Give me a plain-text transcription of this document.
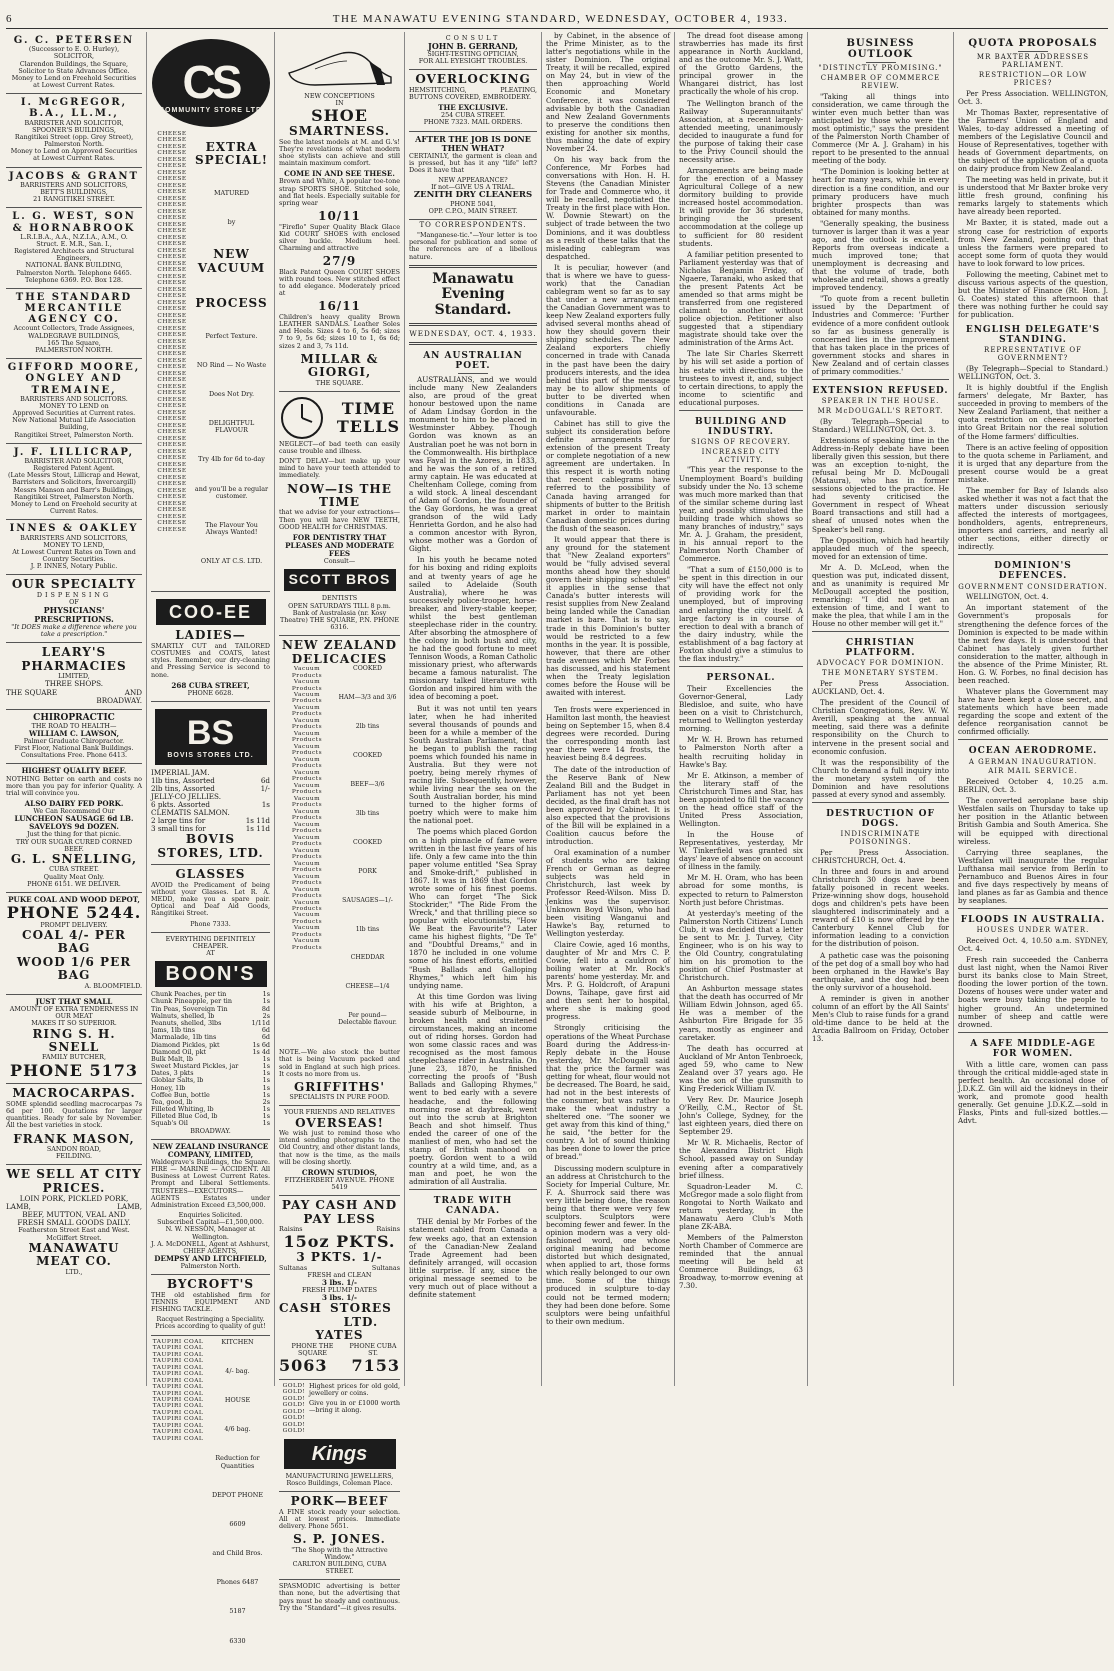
6	THE MANAWATU EVENING STANDARD, WEDNESDAY, OCTOBER 4, 1933.
G. C. PETERSEN
(Successor to E. O. Hurley),
SOLICITOR,
Clarendon Buildings, the Square,
Solicitor to State Advances Office.
Money to Lend on Freehold Securities
at Lowest Current Rates.
I. McGREGOR, B.A., LL.M.,
BARRISTER AND SOLICITOR,
SPOONER'S BUILDINGS,
Rangitikei Street (opp. Grey Street),
Palmerston North.
Money to Lend on Approved Securities
at Lowest Current Rates.
JACOBS & GRANT
BARRISTERS AND SOLICITORS,
BETT'S BUILDINGS,
21 RANGITIKEI STREET.
L. G. WEST, SON & HORNABROOK
L.R.I.B.A., A.A., N.Z.I.A., A.M., O.
Struct. E. M.R., San. I.,
Registered Architects and Structural
Engineers,
NATIONAL BANK BUILDING,
Palmerston North. Telephone 6465.
Telephone 6369. P.O. Box 128.
THE STANDARD MERCANTILE AGENCY CO.
Account Collectors, Trade Assignees,
WALDEGRAVE BUILDINGS,
165 The Square,
PALMERSTON NORTH.
GIFFORD MOORE, ONGLEY AND TREMAINE,
BARRISTERS AND SOLICITORS.
MONEY TO LEND on
Approved Securities at Current rates.
New National Mutual Life Association
Building,
Rangitikei Street, Palmerston North.
J. F. LILLICRAP,
BARRISTER AND SOLICITOR,
Registered Patent Agent.
(Late Messrs Stout, Lillicrap and Hewat,
Barristers and Solicitors, Invercargill)
Messrs Manson and Barr's Buildings,
Rangitikei Street, Palmerston North.
Money to Lend on Freehold security at
Current Rates.
INNES & OAKLEY
BARRISTERS AND SOLICITORS,
MONEY TO LEND,
At Lowest Current Rates on Town and
Country Securities.
J. P. INNES, Notary Public.
OUR SPECIALTY
DISPENSING
OF
PHYSICIANS' PRESCRIPTIONS.
"It DOES make a difference where you take a prescription."
LEARY'S PHARMACIES
LIMITED,
THREE SHOPS.
THE SQUARE	AND
BROADWAY.
CHIROPRACTIC
THE ROAD TO HEALTH—
WILLIAM C. LAWSON,
Palmer Graduate Chiropractor.
First Floor, National Bank Buildings.
Consultations Free. Phone 6413.
HIGHEST QUALITY BEEF.

NOTHING Better on earth and costs no more than you pay for inferior Quality. A trial will convince you.

ALSO DAIRY FED PORK.
We Can Recommend Our
LUNCHEON SAUSAGE 6d LB.
SAVELOYS 9d DOZEN.
Just the thing for that picnic.
TRY OUR SUGAR CURED CORNED BEEF.
G. L. SNELLING,
CUBA STREET.
Quality Meat Only.
PHONE 6151. WE DELIVER.
PUKE COAL AND WOOD DEPOT,
PHONE 5244.
PROMPT DELIVERY.
COAL 4/- PER BAG
WOOD 1/6 PER BAG
A. BLOOMFIELD.
JUST THAT SMALL
AMOUNT OF EXTRA TENDERNESS IN OUR MEAT
MAKES IT SO SUPERIOR.
RING S. H. SNELL
FAMILY BUTCHER,
PHONE 5173
MACROCARPAS.

SOME splendid seedling macrocarpas 7s 6d per 100. Quotations for larger quantities. Ready for sale by November. All the best varieties in stock.

FRANK MASON,
SANDON ROAD,
FEILDING.
WE SELL AT CITY PRICES.
LOIN PORK, PICKLED PORK,
LAMB,	LAMB,
BEEF, MUTTON, VEAL AND
FRESH SMALL GOODS DAILY.
Featherston Street East and West.
McGiffert Street.
MANAWATU MEAT CO.
LTD.,
CS
COMMUNITY STORE LTD
CHEESE
CHEESE
CHEESE
CHEESE
CHEESE
CHEESE
CHEESE
CHEESE
CHEESE
CHEESE
CHEESE
CHEESE
CHEESE
CHEESE
CHEESE
CHEESE
CHEESE
CHEESE
CHEESE
CHEESE
CHEESE
CHEESE
CHEESE
CHEESE
CHEESE
CHEESE
CHEESE
CHEESE
CHEESE
CHEESE
CHEESE
CHEESE
CHEESE
CHEESE
CHEESE
CHEESE
CHEESE
CHEESE
CHEESE
CHEESE
CHEESE
CHEESE
CHEESE
CHEESE
CHEESE
CHEESE
CHEESE
CHEESE
CHEESE
CHEESE
CHEESE
CHEESE
CHEESE
CHEESE
CHEESE
CHEESE
CHEESE
CHEESE
CHEESE
CHEESE
CHEESE
CHEESE
EXTRA SPECIAL!
MATURED
by
NEW VACUUM
PROCESS
Perfect Texture.
NO Rind — No Waste
Does Not Dry.
DELIGHTFUL FLAVOUR
Try 4lb for 6d to-day
and you'll be a regular customer.
The Flavour You Always Wanted!
ONLY AT C.S. LTD.
COO-EE
LADIES—

SMARTLY CUT and TAILORED COSTUMES and COATS, latest styles. Remember, our dry-cleaning and Pressing Service is second to none.

268 CUBA STREET,
PHONE 6628.
BS
BOVIS STORES LTD.
IMPERIAL JAM.
1lb tins, Assorted	6d
2lb tins, Assorted	1/-
JELLY-CO JELLIES.
6 pkts. Assorted	1s
CLEMATIS SALMON.
2 large tins for	1s 11d
3 small tins for	1s 11d
BOVIS STORES, LTD.
GLASSES

AVOID the Predicament of being without your Glasses. Let R. A. MEDD, make you a spare pair. Optical and Deaf Aid Goods, Rangitikei Street.

Phone 7333.
EVERYTHING DEFINITELY CHEAPER.
AT
BOON'S
Chunk Peaches, per tin	1s
Chunk Pineapple, per tin	1s
Tin Peas, Sovereign Tin	8d
Walnuts, shelled, lb	2s
Peanuts, shelled, 3lbs	1/11d
Jams, 1lb tins	6d
Marmalade, 1lb tins	6d
Diamond Pickles, pkt	1s 6d
Diamond Oil, pkt	1s 4d
Bulk Malt, lb	1s
Sweet Mustard Pickles, jar	1s
Dates, 3 pkts	1s
Globlar Salts, lb	1s
Honey, 1lb	1s
Coffee Bun, bottle	1s
Tea, good, lb	2s
Filleted Whiting, lb	1s
Filleted Blue Cod, lb	1s
Squab's Oil	1s
BROADWAY.
NEW ZEALAND INSURANCE COMPANY, LIMITED,

Waldegrave's Buildings, the Square. FIRE — MARINE — ACCIDENT. All Business at Lowest Current Rates. Prompt and Liberal Settlements. TRUSTEES—EXECUTORS—AGENTS Estates under Administration Exceed £3,500,000.

Enquiries Solicited.
Subscribed Capital—£1,500,000.
N. W. NESSON, Manager at Wellington.
J. A. McDONELL, Agent at Ashhurst,
CHIEF AGENTS,
DEMPSY AND LITCHFIELD,
Palmerston North.
BYCROFT'S

THE old established firm for TENNIS EQUIPMENT AND FISHING TACKLE.

Racquet Restringing a Speciality.
Prices according to quality of gut!
TAUPIRI COAL
TAUPIRI COAL
TAUPIRI COAL
TAUPIRI COAL
TAUPIRI COAL
TAUPIRI COAL
TAUPIRI COAL
TAUPIRI COAL
TAUPIRI COAL
TAUPIRI COAL
TAUPIRI COAL
TAUPIRI COAL
TAUPIRI COAL
TAUPIRI COAL
TAUPIRI COAL
TAUPIRI COAL
KITCHEN
4/- bag.
HOUSE
4/6 bag.
Reduction for Quantities
DEPOT PHONE
6609
and Child Bros.
Phones 6487
5187
6330
NEW CONCEPTIONS
IN
SHOE
SMARTNESS.

See the latest models at M. and G.'s! They're revelations of what modern shoe stylists can achieve and still maintain maximum comfort.

COME IN AND SEE THESE.

Brown and White, A popular toe-tone strap SPORTS SHOE. Stitched sole, and flat heels. Especially suitable for spring wear

10/11

"Fireflo" Super Quality Black Glace Kid COURT SHOES with enclosed silver buckle. Medium heel. Charming and attractive

27/9

Black Patent Queen COURT SHOES with round toes. New stitched effect to add elegance. Moderately priced at

16/11

Children's heavy quality Brown LEATHER SANDALS. Leather Soles and Heels. Sizes 4 to 6, 5s 6d; sizes 7 to 9, 5s 6d; sizes 10 to 1, 6s 6d; sizes 2 and 3, 7s 11d.

MILLAR & GIORGI,
THE SQUARE.
TIME
TELLS

NEGLECT—of bad teeth can easily cause trouble and illness.

DON'T DELAY—but make up your mind to have your teeth attended to immediately.

NOW—IS THE TIME

that we advise for your extractions—Then you will have NEW TEETH, GOOD HEALTH for CHRISTMAS.

FOR DENTISTRY THAT PLEASES AND MODERATE FEES
Consult—
SCOTT BROS
DENTISTS
OPEN SATURDAYS TILL 8 p.m.
Bank of Australasia (nr. Kosy Theatre) THE SQUARE, P.N. PHONE 6316.
NEW ZEALAND
DELICACIES
Vacuum Products
Vacuum Products
Vacuum Products
Vacuum Products
Vacuum Products
Vacuum Products
Vacuum Products
Vacuum Products
Vacuum Products
Vacuum Products
Vacuum Products
Vacuum Products
Vacuum Products
Vacuum Products
Vacuum Products
Vacuum Products
Vacuum Products
Vacuum Products
Vacuum Products
Vacuum Products
Vacuum Products
Vacuum Products
COOKED
HAM—3/3 and 3/6
2lb tins
COOKED
BEEF—3/6
3lb tins
COOKED
PORK
SAUSAGES—1/-
1lb tins
CHEDDAR
CHEESE—1/4
Per pound—Delectable flavour.

NOTE.—We also stock the butter that is being Vacuum packed and sold in England at such high prices. It costs no more from us.

GRIFFITHS'
SPECIALISTS IN PURE FOOD.
YOUR FRIENDS AND RELATIVES
OVERSEAS!

We wish just to remind those who intend sending photographs to the Old Country, and other distant lands, that now is the time, as the mails will be closing shortly.

CROWN STUDIOS,
FITZHERBERT AVENUE. PHONE 5419
PAY CASH AND PAY LESS
Raisins	Raisins
15oz PKTS.
3 PKTS. 1/-
Sultanas	Sultanas
FRESH and CLEAN
3 lbs. 1/-
FRESH PLUMP DATES
3 lbs. 1/-
CASH STORES LTD.
YATES
PHONE THE SQUARE
PHONE CUBA ST.
5063 7153
GOLD!
GOLD!
GOLD!
GOLD!
GOLD!
GOLD!
GOLD!
GOLD!

Highest prices for old gold, jewellery or coins.

Give you in or £1000 worth—bring it along.

Kings
MANUFACTURING JEWELLERS,
Rosco Buildings, Coleman Place.
PORK—BEEF

A FINE stock ready your selection. All at lowest prices. Immediate delivery. Phone 5651.

S. P. JONES.
"The Shop with the Attractive Window."
CARLTON BUILDING, CUBA STREET.

SPASMODIC advertising is better than none, but the advertising that pays must be steady and continuous. Try the "Standard"—it gives results.

CONSULT
JOHN B. GERRAND,
SIGHT-TESTING OPTICIAN,
FOR ALL EYESIGHT TROUBLES.
OVERLOCKING

HEMSTITCHING, PLEATING, BUTTONS COVERED, EMBROIDERY.

THE EXCLUSIVE.
254 CUBA STREET.
PHONE 7323. MAIL ORDERS.
AFTER THE JOB IS DONE THEN WHAT?

CERTAINLY, the garment is clean and is pressed, but has it any "life" left? Does it have that

NEW APPEARANCE?
If not—GIVE US A TRIAL.
ZENITH DRY CLEANERS
PHONE 5041,
OPP. C.P.O., MAIN STREET.
TO CORRESPONDENTS.

"Manganese-tic."—Your letter is too personal for publication and some of the references are of a libellous nature.

Manawatu
Evening Standard.
WEDNESDAY, OCT. 4, 1933.
AN AUSTRALIAN POET.

AUSTRALIANS, and we would include many New Zealanders also, are proud of the great honour bestowed upon the name of Adam Lindsay Gordon in the monument to him to be placed in Westminster Abbey. Though Gordon was known as an Australian poet he was not born in the Commonwealth. His birthplace was Fayal in the Azores, in 1833, and he was the son of a retired army captain. He was educated at Cheltenham College, coming from a wild stock. A lineal descendant of Adam of Gordon, the founder of the Gay Gordons, he was a great grandson of the wild Lady Henrietta Gordon, and he also had a common ancestor with Byron, whose mother was a Gordon of Gight.

In his youth he became noted for his boxing and riding exploits and at twenty years of age he sailed to Adelaide (South Australia), where he was successively police-trooper, horse-breaker, and livery-stable keeper, whilst the best gentleman steeplechase rider in the country. After absorbing the atmosphere of the colony in both bush and city, he had the good fortune to meet Tennison Woods, a Roman Catholic missionary priest, who afterwards became a famous naturalist. The missionary talked literature with Gordon and inspired him with the idea of becoming a poet.

But it was not until ten years later, when he had inherited several thousands of pounds and been for a while a member of the South Australian Parliament, that he began to publish the racing poems which founded his name in Australia. But they were not poetry, being merely rhymes of racing life. Subsequently, however, while living near the sea on the South Australian border, his mind turned to the higher forms of poetry which were to make him the national poet.

The poems which placed Gordon on a high pinnacle of fame were written in the last five years of his life. Only a few came into the thin paper volume entitled "Sea Spray and Smoke-drift," published in 1867. It was in 1869 that Gordon wrote some of his finest poems. Who can forget "The Sick Stockrider," "The Ride From the Wreck," and that thrilling piece so popular with elocutionists, "How We Beat the Favourite"? Later came his highest flights, "De Te" and "Doubtful Dreams," and in 1870 he included in one volume some of his finest efforts, entitled "Bush Ballads and Galloping Rhymes," which left him his undying name.

At this time Gordon was living with his wife at Brighton, a seaside suburb of Melbourne, in broken health and straitened circumstances, making an income out of riding horses. Gordon had won some classic races and was recognised as the most famous steeplechase rider in Australia. On June 23, 1870, he finished correcting the proofs of "Bush Ballads and Galloping Rhymes," went to bed early with a severe headache, and the following morning rose at daybreak, went out into the scrub at Brighton Beach and shot himself. Thus ended the career of one of the manliest of men, who had set the stamp of British manhood on poetry. Gordon went to a wild country at a wild time, and, as a man and poet, he won the admiration of all Australia.

TRADE WITH CANADA.

THE denial by Mr Forbes of the statement cabled from Canada a few weeks ago, that an extension of the Canadian-New Zealand Trade Agreement had been definitely arranged, will occasion little surprise. If any, since the original message seemed to be very much out of place without a definite statement

by Cabinet, in the absence of the Prime Minister, as to the latter's negotiations while in the sister Dominion. The original Treaty, it will be recalled, expired on May 24, but in view of the then approaching World Economic and Monetary Conference, it was considered advisable by both the Canadian and New Zealand Governments to preserve the conditions then existing for another six months, thus making the date of expiry November 24.

On his way back from the Conference, Mr Forbes had conversations with Hon. H. H. Stevens (the Canadian Minister for Trade and Commerce who, it will be recalled, negotiated the Treaty in the first place with Hon. W. Downie Stewart) on the subject of trade between the two Dominions, and it was doubtless as a result of these talks that the misleading cablegram was despatched.

It is peculiar, however (and that is where we have to guess-work) that the Canadian cablegram went so far as to say that under a new arrangement the Canadian Government was to keep New Zealand exporters fully advised several months ahead of how they should govern their shipping schedules. The New Zealand exporters chiefly concerned in trade with Canada in the past have been the dairy producers interests, and the idea behind this part of the message may be to allow shipments of butter to be diverted when conditions in Canada are unfavourable.

Cabinet has still to give the subject its consideration before definite arrangements for extension of the present Treaty or complete negotiation of a new agreement are undertaken. In this respect it is worth noting that recent cablegrams have referred to the possibility of Canada having arranged for shipments of butter to the British market in order to maintain Canadian domestic prices during the flush of the season.

It would appear that there is any ground for the statement that "New Zealand exporters" would be "fully advised several months ahead how they should govern their shipping schedules" it applies in the sense that Canada's butter interests will resist supplies from New Zealand being landed while the Canadian market is bare. That is to say, trade in this Dominion's butter would be restricted to a few months in the year. It is possible, however, that there are other trade avenues which Mr Forbes has discussed, and his statement when the Treaty legislation comes before the House will be awaited with interest.

Ten frosts were experienced in Hamilton last month, the heaviest being on September 15, when 8.4 degrees were recorded. During the corresponding month last year there were 14 frosts, the heaviest being 8.4 degrees.

The date of the introduction of the Reserve Bank of New Zealand Bill and the Budget in Parliament has not yet been decided, as the final draft has not been approved by Cabinet. It is also expected that the provisions of the Bill will be explained in a Coalition caucus before the introduction.

Oral examination of a number of students who are taking French or German as degree subjects was held in Christchurch, last week by Professor Reed-Wilson. Miss D. Jenkins was the supervisor. Unknown Boyd Wilson, who had been visiting Wanganui and Hawke's Bay, returned to Wellington yesterday.

Claire Cowie, aged 16 months, daughter of Mr and Mrs C. P. Cowie, fell into a cauldron of boiling water at Mr. Rock's parents' home yesterday. Mr. and Mrs. P. G. Holdcroft, of Arapuni Downs, Taihape, gave first aid and then sent her to hospital, where she is making good progress.

Strongly criticising the operations of the Wheat Purchase Board during the Address-in-Reply debate in the House yesterday, Mr. McDougall said that the price the farmer was getting for wheat, flour would not be decreased. The Board, he said, had not in the best interests of the consumer, but was rather to make the wheat industry a sheltered one. "The sooner we get away from this kind of thing," he said, "the better for the country. A lot of sound thinking has been done to lower the price of bread."

Discussing modern sculpture in an address at Christchurch to the Society for Imperial Culture, Mr. F. A. Shurrock said there was very little being done, the reason being that there were very few sculptors. Sculptors were becoming fewer and fewer. In the opinion modern was a very old-fashioned word, one whose original meaning had become distorted but which designated, when applied to art, those forms which really belonged to our own time. Some of the things produced in sculpture to-day could not be termed modern; they had been done before. Some sculptors were being unfaithful to their own medium.

The dread foot disease among strawberries has made its first appearance in North Auckland, and as the outcome Mr. S. J. Watt, of the Grotto Gardens, the principal grower in the Whangarei district, has lost practically the whole of his crop.

The Wellington branch of the Railway Superannuitants' Association, at a recent largely-attended meeting, unanimously decided to inaugurate a fund for the purpose of taking their case to the Privy Council should the necessity arise.

Arrangements are being made for the erection of a Massey Agricultural College of a new dormitory building to provide increased hostel accommodation. It will provide for 36 students, bringing the present accommodation at the college up to sufficient for 80 resident students.

A familiar petition presented to Parliament yesterday was that of Nicholas Benjamin Friday, of Ngaere, Taranaki, who asked that the present Patents Act be amended so that arms might be transferred from one registered claimant to another without police objection. Petitioner also suggested that a stipendiary magistrate should take over the administration of the Arms Act.

The late Sir Charles Skerrett by his will set aside a portion of his estate with directions to the trustees to invest it, and, subject to certain directions, to apply the income to scientific and educational purposes.

BUILDING AND INDUSTRY.
SIGNS OF RECOVERY.
INCREASED CITY ACTIVITY.

"This year the response to the Unemployment Board's building subsidy under the No. 13 scheme was much more marked than that of the similar scheme during last year, and possibly stimulated the building trade which shows so many branches of industry," says Mr. A. J. Graham, the president, in his annual report to the Palmerston North Chamber of Commerce.

"That a sum of £150,000 is to be spent in this direction in our city will have the effect not only of providing work for the unemployed, but of improving and enlarging the city itself. A large factory is in course of erection to deal with a branch of the dairy industry, while the establishment of a bag factory at Foxton should give a stimulus to the flax industry."

PERSONAL.

Their Excellencies the Governor-General, Lady Bledisloe, and suite, who have been on a visit to Christchurch, returned to Wellington yesterday morning.

Mr W. H. Brown has returned to Palmerston North after a health recruiting holiday in Hawke's Bay.

Mr E. Atkinson, a member of the literary staff of the Christchurch Times and Star, has been appointed to fill the vacancy on the head office staff of the United Press Association, Wellington.

In the House of Representatives, yesterday, Mr W. Tinkerfield was granted six days' leave of absence on account of illness in the family.

Mr M. H. Oram, who has been abroad for some months, is expected to return to Palmerston North just before Christmas.

At yesterday's meeting of the Palmerston North Citizens' Lunch Club, it was decided that a letter be sent to Mr. J. Turvey, City Engineer, who is on his way to the Old Country, congratulating him on his promotion to the position of Chief Postmaster at Christchurch.

An Ashburton message states that the death has occurred of Mr William Edwin Johnson, aged 65. He was a member of the Ashburton Fire Brigade for 35 years, mostly as engineer and caretaker.

The death has occurred at Auckland of Mr Anton Tenbroeck, aged 59, who came to New Zealand over 37 years ago. He was the son of the gunsmith to King Frederick William IV.

Very Rev. Dr. Maurice Joseph O'Reilly, C.M., Rector of St. John's College, Sydney, for the last eighteen years, died there on September 29.

Mr W. R. Michaelis, Rector of the Alexandra District High School, passed away on Sunday evening after a comparatively brief illness.

Squadron-Leader M. C. McGregor made a solo flight from Rongotai to North Waikato and return yesterday, in the Manawatu Aero Club's Moth plane ZK-ABA.

Members of the Palmerston North Chamber of Commerce are reminded that the annual meeting will be held at Commerce Buildings, 63 Broadway, to-morrow evening at 7.30.

BUSINESS OUTLOOK
"DISTINCTLY PROMISING."
CHAMBER OF COMMERCE REVIEW.

"Taking all things into consideration, we came through the winter even much better than was anticipated by those who were the most optimistic," says the president of the Palmerston North Chamber of Commerce (Mr A. J. Graham) in his report to be presented to the annual meeting of the body.

"The Dominion is looking better at heart for many years, while in every direction is a fine condition, and our primary producers have much brighter prospects than was obtained for many months.

"Generally speaking, the business turnover is larger than it was a year ago, and the outlook is excellent. Reports from overseas indicate a much improved tone; that unemployment is decreasing and that the volume of trade, both wholesale and retail, shows a greatly improved tendency.

"To quote from a recent bulletin issued by the Department of Industries and Commerce: 'Further evidence of a more confident outlook so far as business generally is concerned lies in the improvement that has taken place in the prices of government stocks and shares in New Zealand and of certain classes of primary commodities.'

EXTENSION REFUSED.
SPEAKER IN THE HOUSE.
MR McDOUGALL'S RETORT.

(By Telegraph—Special to Standard.) WELLINGTON, Oct. 3.

Extensions of speaking time in the Address-in-Reply debate have been liberally given this session, but there was an exception to-night, the refusal being Mr D. McDougall (Mataura), who has in former sessions objected to the practice. He had seventy criticised the Government in respect of Wheat Board transactions and still had a sheaf of unused notes when the Speaker's bell rang.

The Opposition, which had heartily applauded much of the speech, moved for an extension of time.

Mr A. D. McLeod, when the question was put, indicated dissent, and as unanimity is required Mr McDougall accepted the position, remarking: "I did not get an extension of time, and I want to make the plea, that while I am in the House no other member will get it."

CHRISTIAN PLATFORM.
ADVOCACY FOR DOMINION.
THE MONETARY SYSTEM.

Per Press Association. AUCKLAND, Oct. 4.

The president of the Council of Christian Congregations, Rev. W. W. Averill, speaking at the annual meeting, said there was a definite responsibility on the Church to intervene in the present social and economic confusion.

It was the responsibility of the Church to demand a full inquiry into the monetary system of the Dominion and have resolutions passed at every synod and assembly.

DESTRUCTION OF DOGS.
INDISCRIMINATE POISONINGS.

Per Press Association. CHRISTCHURCH, Oct. 4.

In three and fours in and around Christchurch 30 dogs have been fatally poisoned in recent weeks. Prize-winning show dogs, household dogs and children's pets have been slaughtered indiscriminately and a reward of £10 is now offered by the Canterbury Kennel Club for information leading to a conviction for the distribution of poison.

A pathetic case was the poisoning of the pet dog of a small boy who had been orphaned in the Hawke's Bay earthquake, and the dog had been the only survivor of a household.

A reminder is given in another column of an effort by the All Saints' Men's Club to raise funds for a grand old-time dance to be held at the Arcadia Ballroom on Friday, October 13.

QUOTA PROPOSALS
MR BAXTER ADDRESSES PARLIAMENT.
RESTRICTION—OR LOW PRICES?

Per Press Association. WELLINGTON, Oct. 3.

Mr Thomas Baxter, representative of the Farmers' Union of England and Wales, to-day addressed a meeting of members of the Legislative Council and House of Representatives, together with heads of Government departments, on the subject of the application of a quota on dairy produce from New Zealand.

The meeting was held in private, but it is understood that Mr Baxter broke very little fresh ground, confining his remarks largely to statements which have already been reported.

Mr Baxter, it is stated, made out a strong case for restriction of exports from New Zealand, pointing out that unless the farmers were prepared to accept some form of quota they would have to look forward to low prices.

Following the meeting, Cabinet met to discuss various aspects of the question, but the Minister of Finance (Rt. Hon. J. G. Coates) stated this afternoon that there was nothing further he could say for publication.

ENGLISH DELEGATE'S STANDING.
REPRESENTATIVE OF GOVERNMENT?

(By Telegraph—Special to Standard.) WELLINGTON, Oct. 3.

It is highly doubtful if the English farmers' delegate, Mr Baxter, has succeeded in proving to members of the New Zealand Parliament, that neither a quota restriction on cheese imported into Great Britain nor the real solution of the Home farmers' difficulties.

There is an active feeling of opposition to the quota scheme in Parliament, and it is urged that any departure from the present course would be a great mistake.

The member for Bay of Islands also asked whether it was not a fact that the matters under discussion seriously affected the interests of mortgagees, bondholders, agents, entrepreneurs, importers and carriers, and nearly all other sections, either directly or indirectly.

DOMINION'S DEFENCES.
GOVERNMENT CONSIDERATION.

WELLINGTON, Oct. 4.

An important statement of the Government's proposals for strengthening the defence forces of the Dominion is expected to be made within the next few days. It is understood that Cabinet has lately given further consideration to the matter, although in the absence of the Prime Minister, Rt. Hon. G. W. Forbes, no final decision has been reached.

Whatever plans the Government may have have been kept a close secret, and statements which have been made regarding the scope and extent of the defence reorganisation cannot be confirmed officially.

OCEAN AERODROME.
A GERMAN INAUGURATION.
AIR MAIL SERVICE.

Received October 4, 10.25 a.m. BERLIN, Oct. 3.

The converted aeroplane base ship Westfalen sails on Thursday to take up her position in the Atlantic between British Gambia and South America. She will be equipped with directional wireless.

Carrying three seaplanes, the Westfalen will inaugurate the regular Lufthansa mail service from Berlin to Pernambuco and Buenos Aires in four and five days respectively by means of land planes as far as Gambia and thence by seaplanes.

FLOODS IN AUSTRALIA.
HOUSES UNDER WATER.

Received Oct. 4, 10.50 a.m. SYDNEY, Oct. 4.

Fresh rain succeeded the Canberra dust last night, when the Namoi River burst its banks close to Main Street, flooding the lower portion of the town. Dozens of houses were under water and boats were busy taking the people to higher ground. An undetermined number of sheep and cattle were drowned.

A SAFE MIDDLE-AGE FOR WOMEN.

With a little care, women can pass through the critical middle-aged state in perfect health. An occasional dose of J.D.K.Z. Gin will aid the kidneys in their work, and promote good health generally. Get genuine J.D.K.Z.—sold in Flasks, Pints and full-sized bottles.—Advt.
